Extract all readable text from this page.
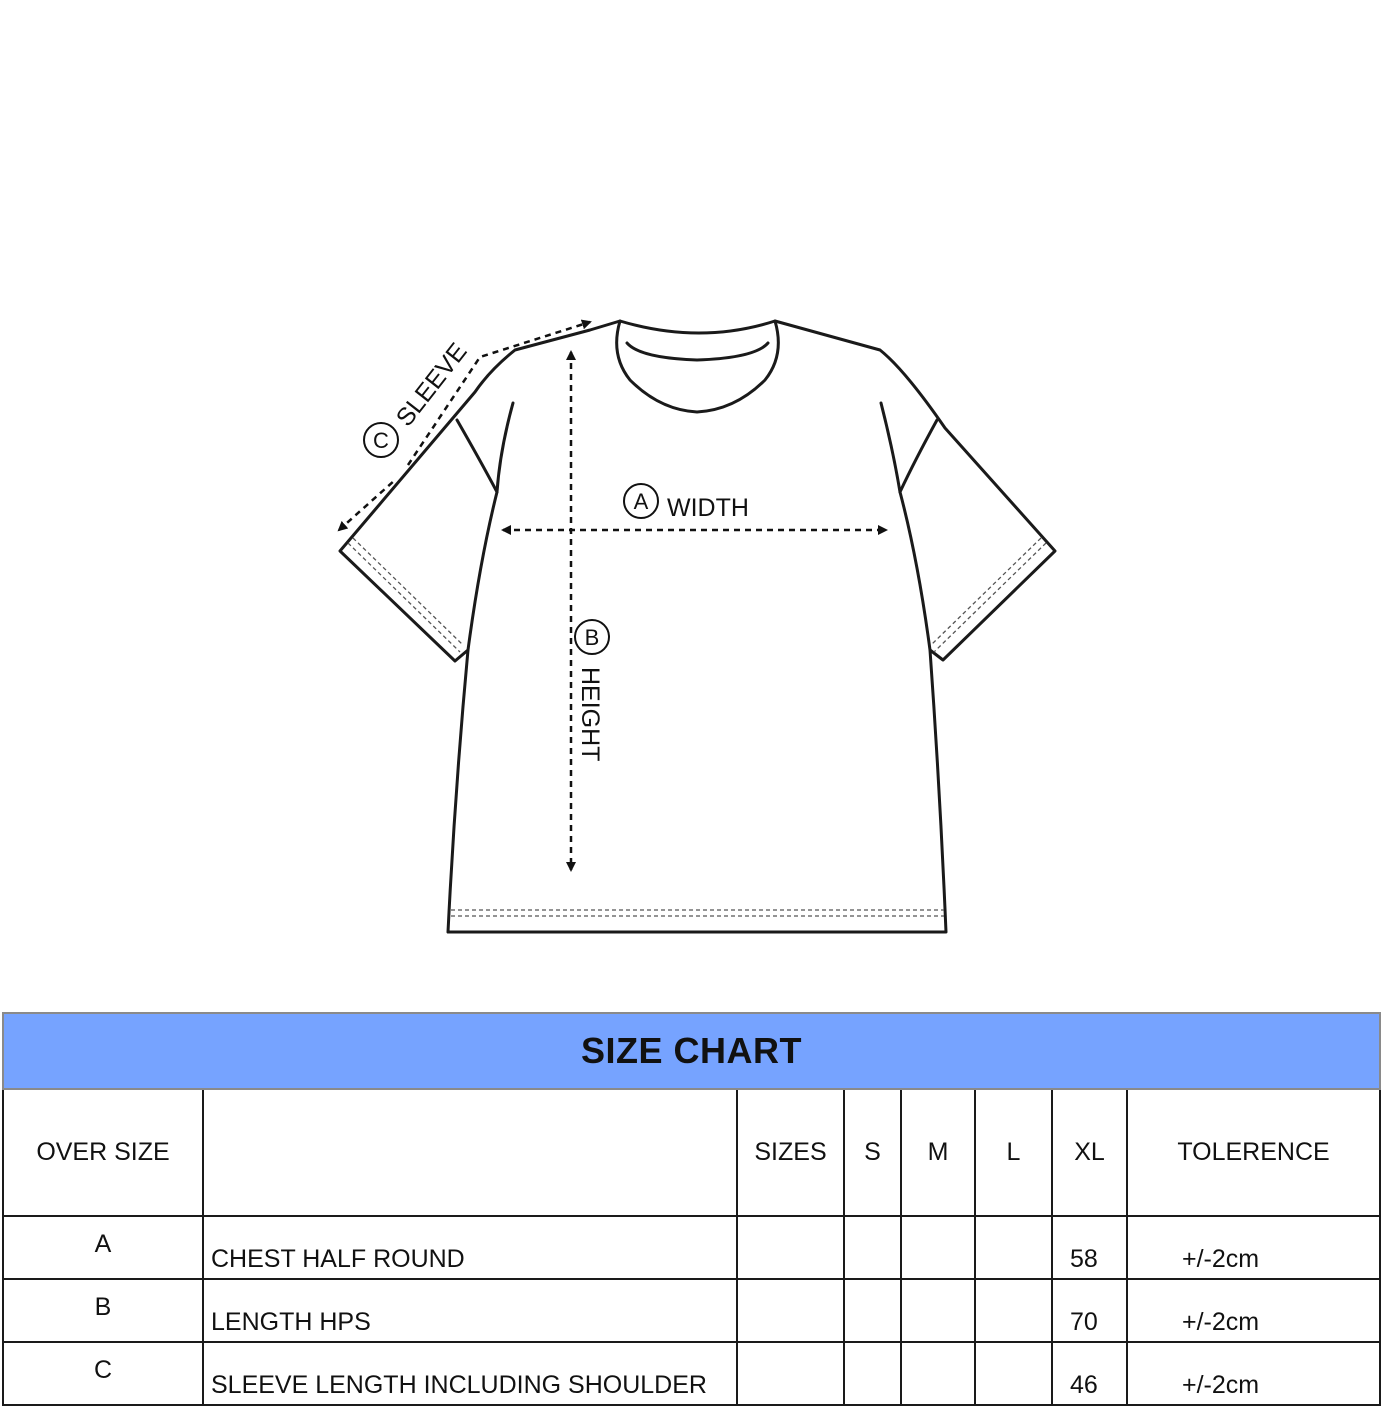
A WIDTH
B
HEIGHT
C
SLEEVE
SIZE CHART							
OVER SIZE		SIZES	S	M	L	XL	TOLERENCE
A	CHEST HALF ROUND					58	+/-2cm
B	LENGTH HPS					70	+/-2cm
C	SLEEVE LENGTH INCLUDING SHOULDER					46	+/-2cm
